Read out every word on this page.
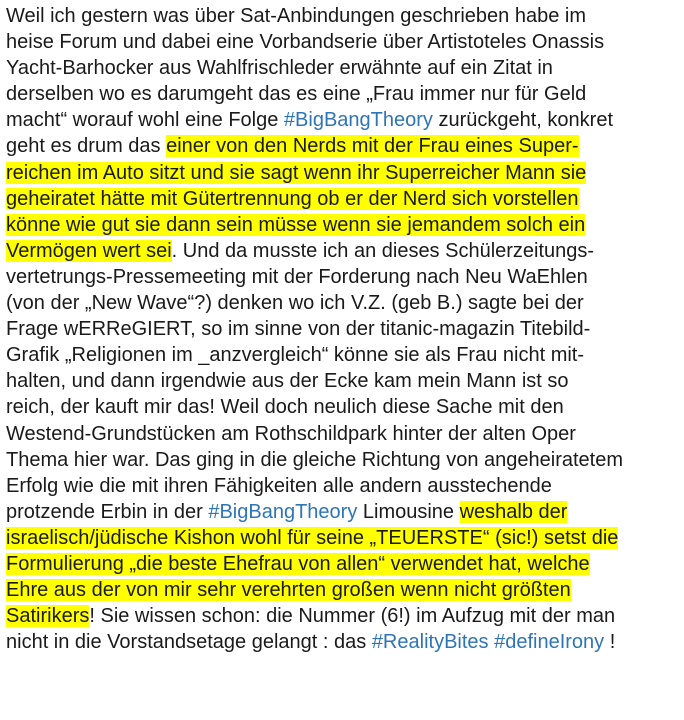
Weil ich gestern was über Sat-Anbindungen geschrieben habe im
heise Forum und dabei eine Vorbandserie über Artistoteles Onassis
Yacht-Barhocker aus Wahlfrischleder erwähnte auf ein Zitat in
derselben wo es darumgeht das es eine „Frau immer nur für Geld
macht“ worauf wohl eine Folge #BigBangTheory zurückgeht, konkret
geht es drum das einer von den Nerds mit der Frau eines Super-
reichen im Auto sitzt und sie sagt wenn ihr Superreicher Mann sie
geheiratet hätte mit Gütertrennung ob er der Nerd sich vorstellen
könne wie gut sie dann sein müsse wenn sie jemandem solch ein
Vermögen wert sei. Und da musste ich an dieses Schülerzeitungs-
vertetrungs-Pressemeeting mit der Forderung nach Neu WaEhlen
(von der „New Wave“?) denken wo ich V.Z. (geb B.) sagte bei der
Frage wERReGIERT, so im sinne von der titanic-magazin Titebild-
Grafik „Religionen im _anzvergleich“ könne sie als Frau nicht mit-
halten, und dann irgendwie aus der Ecke kam mein Mann ist so
reich, der kauft mir das! Weil doch neulich diese Sache mit den
Westend-Grundstücken am Rothschildpark hinter der alten Oper
Thema hier war. Das ging in die gleiche Richtung von angeheiratetem
Erfolg wie die mit ihren Fähigkeiten alle andern ausstechende
protzende Erbin in der #BigBangTheory Limousine weshalb der
israelisch/jüdische Kishon wohl für seine „TEUERSTE“ (sic!) setst die
Formulierung „die beste Ehefrau von allen“ verwendet hat, welche
Ehre aus der von mir sehr verehrten großen wenn nicht größten
Satirikers! Sie wissen schon: die Nummer (6!) im Aufzug mit der man
nicht in die Vorstandsetage gelangt : das #RealityBites #defineIrony !
